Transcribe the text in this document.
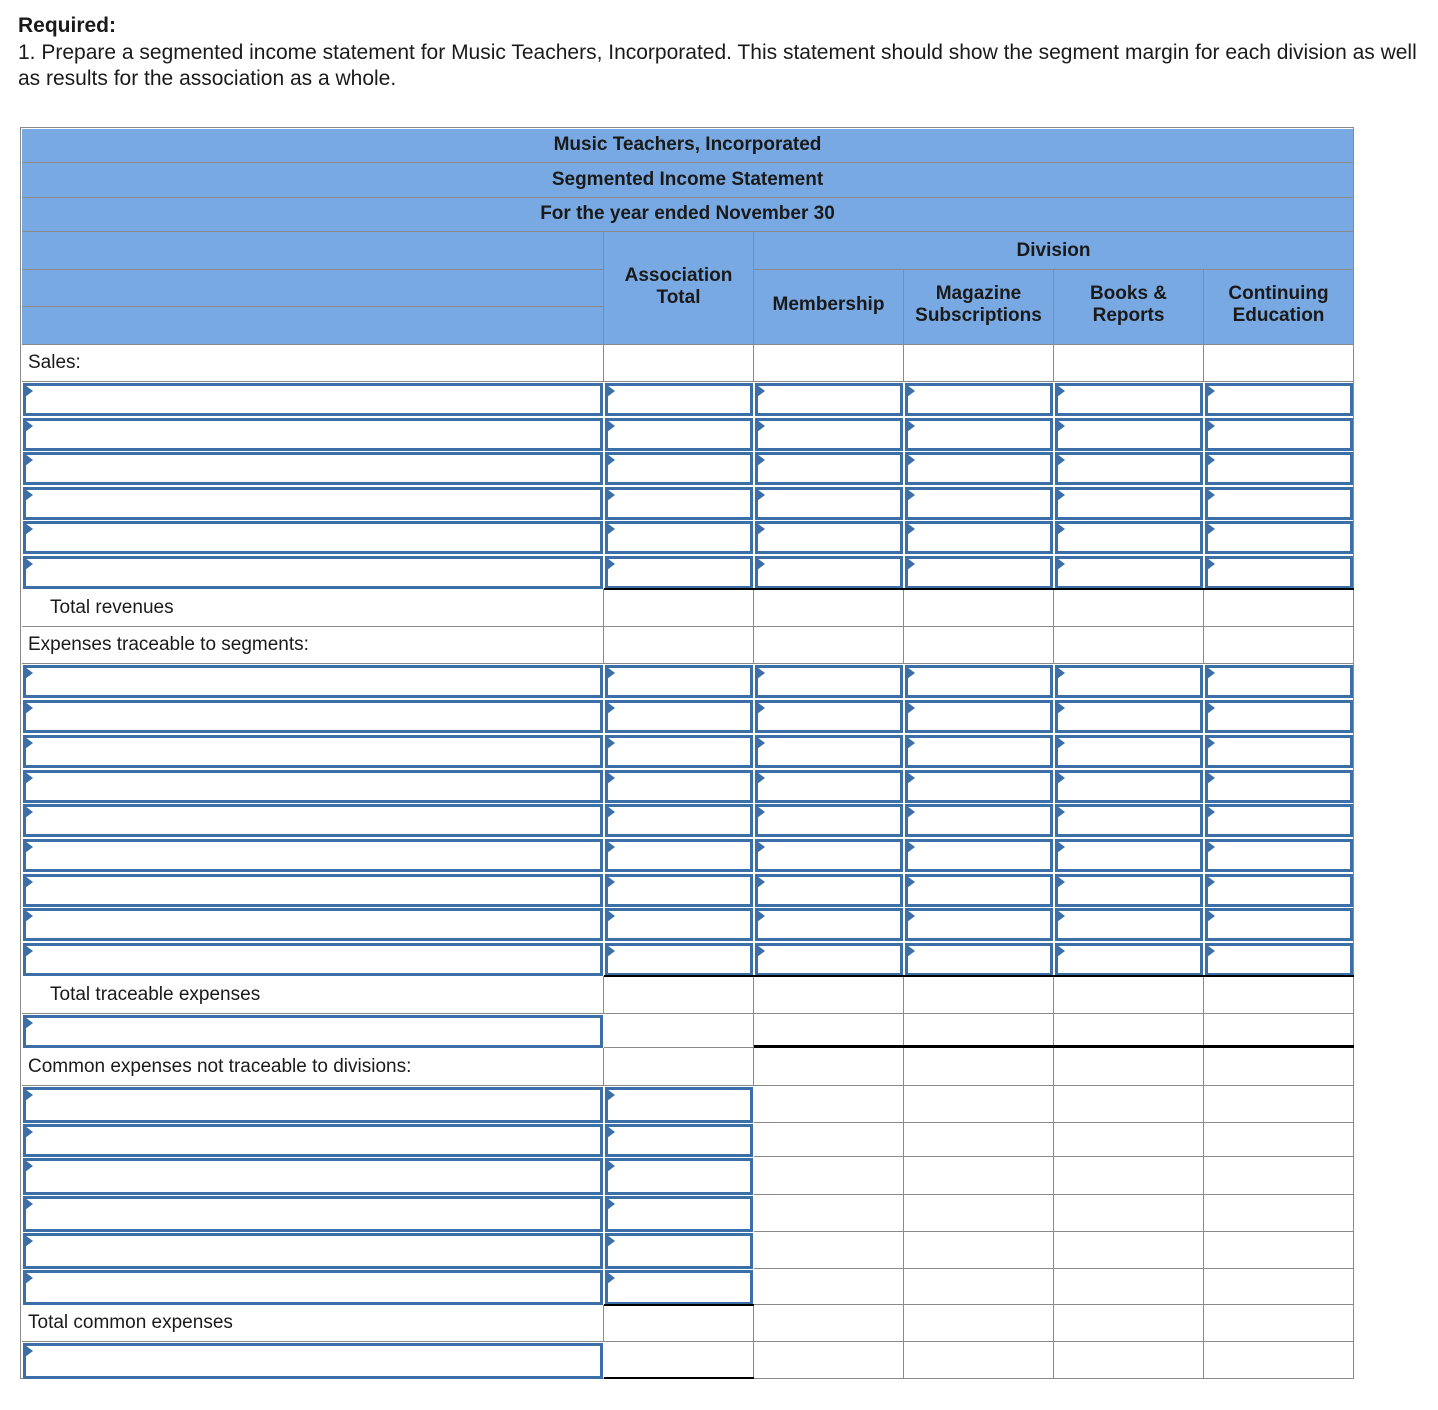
Required:
1. Prepare a segmented income statement for Music Teachers, Incorporated. This statement should show the segment margin for each division as well as results for the association as a whole.
Music Teachers, Incorporated
Segmented Income Statement
For the year ended November 30
Association
Total
Division
Membership
Magazine
Subscriptions
Books &
Reports
Continuing
Education
Sales:
Total revenues
Expenses traceable to segments:
Total traceable expenses
Common expenses not traceable to divisions:
Total common expenses
